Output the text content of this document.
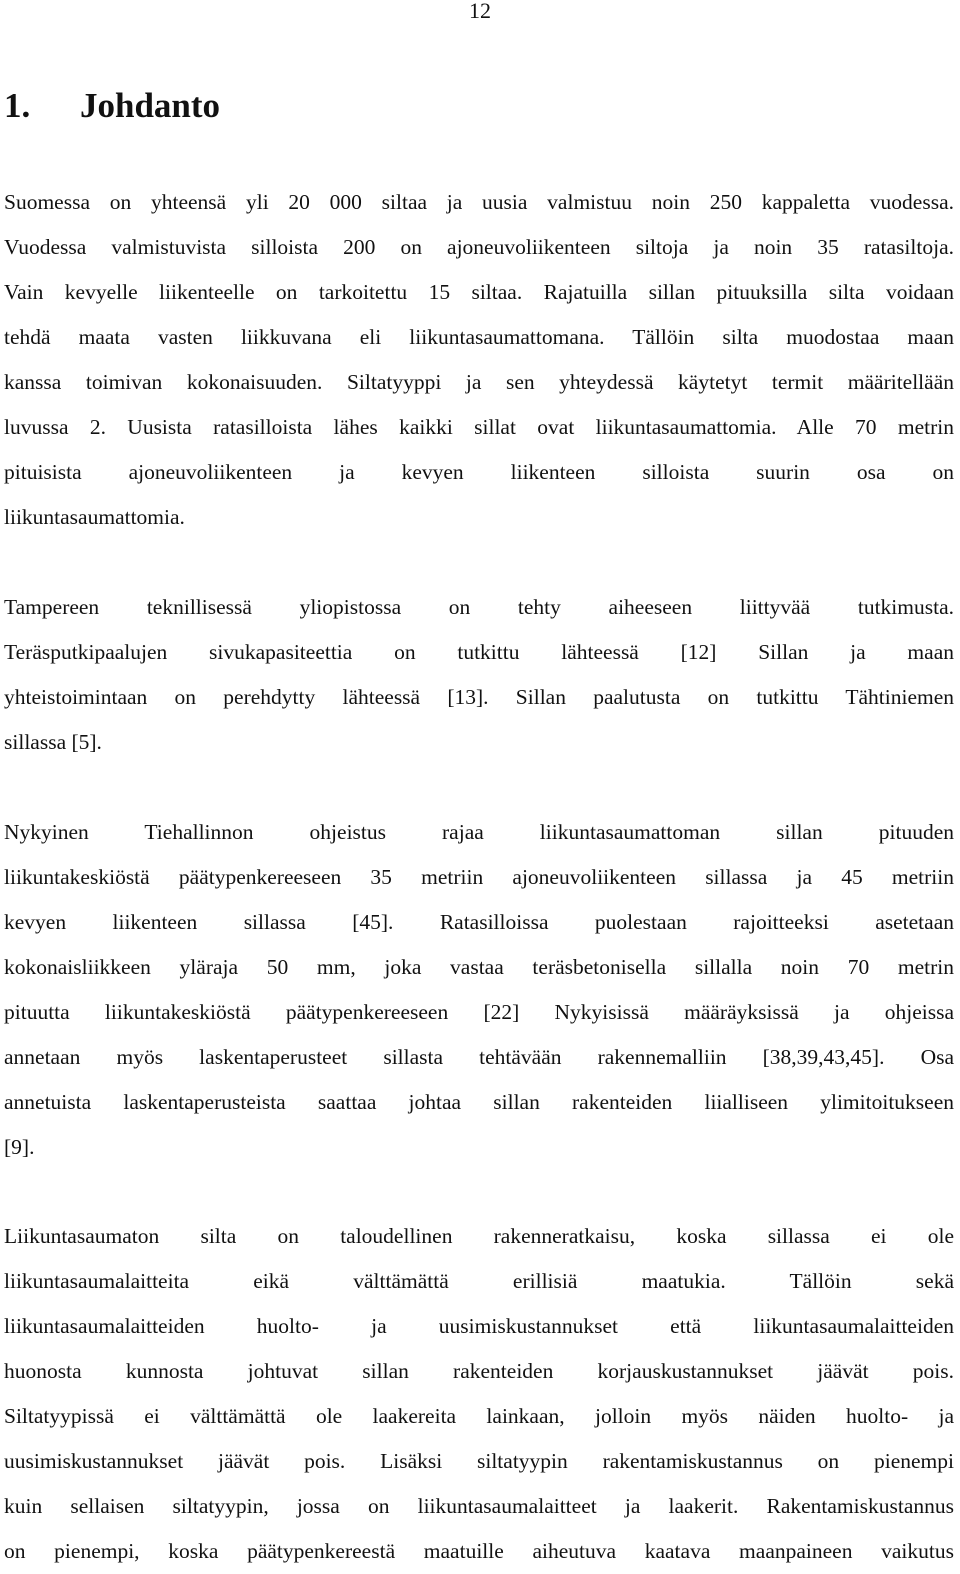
12
1. Johdanto

Suomessa on yhteensä yli 20 000 siltaa ja uusia valmistuu noin 250 kappaletta vuodessa.
Vuodessa valmistuvista silloista 200 on ajoneuvoliikenteen siltoja ja noin 35 ratasiltoja.
Vain kevyelle liikenteelle on tarkoitettu 15 siltaa. Rajatuilla sillan pituuksilla silta voidaan
tehdä maata vasten liikkuvana eli liikuntasaumattomana. Tällöin silta muodostaa maan
kanssa toimivan kokonaisuuden. Siltatyyppi ja sen yhteydessä käytetyt termit määritellään
luvussa 2. Uusista ratasilloista lähes kaikki sillat ovat liikuntasaumattomia. Alle 70 metrin
pituisista ajoneuvoliikenteen ja kevyen liikenteen silloista suurin osa on
liikuntasaumattomia.

Tampereen teknillisessä yliopistossa on tehty aiheeseen liittyvää tutkimusta.
Teräsputkipaalujen sivukapasiteettia on tutkittu lähteessä [12] Sillan ja maan
yhteistoimintaan on perehdytty lähteessä [13]. Sillan paalutusta on tutkittu Tähtiniemen
sillassa [5].

Nykyinen Tiehallinnon ohjeistus rajaa liikuntasaumattoman sillan pituuden
liikuntakeskiöstä päätypenkereeseen 35 metriin ajoneuvoliikenteen sillassa ja 45 metriin
kevyen liikenteen sillassa [45]. Ratasilloissa puolestaan rajoitteeksi asetetaan
kokonaisliikkeen yläraja 50 mm, joka vastaa teräsbetonisella sillalla noin 70 metrin
pituutta liikuntakeskiöstä päätypenkereeseen [22] Nykyisissä määräyksissä ja ohjeissa
annetaan myös laskentaperusteet sillasta tehtävään rakennemalliin [38,39,43,45]. Osa
annetuista laskentaperusteista saattaa johtaa sillan rakenteiden liialliseen ylimitoitukseen
[9].

Liikuntasaumaton silta on taloudellinen rakenneratkaisu, koska sillassa ei ole
liikuntasaumalaitteita eikä välttämättä erillisiä maatukia. Tällöin sekä
liikuntasaumalaitteiden huolto- ja uusimiskustannukset että liikuntasaumalaitteiden
huonosta kunnosta johtuvat sillan rakenteiden korjauskustannukset jäävät pois.
Siltatyypissä ei välttämättä ole laakereita lainkaan, jolloin myös näiden huolto- ja
uusimiskustannukset jäävät pois. Lisäksi siltatyypin rakentamiskustannus on pienempi
kuin sellaisen siltatyypin, jossa on liikuntasaumalaitteet ja laakerit. Rakentamiskustannus
on pienempi, koska päätypenkereestä maatuille aiheutuva kaatava maanpaineen vaikutus
